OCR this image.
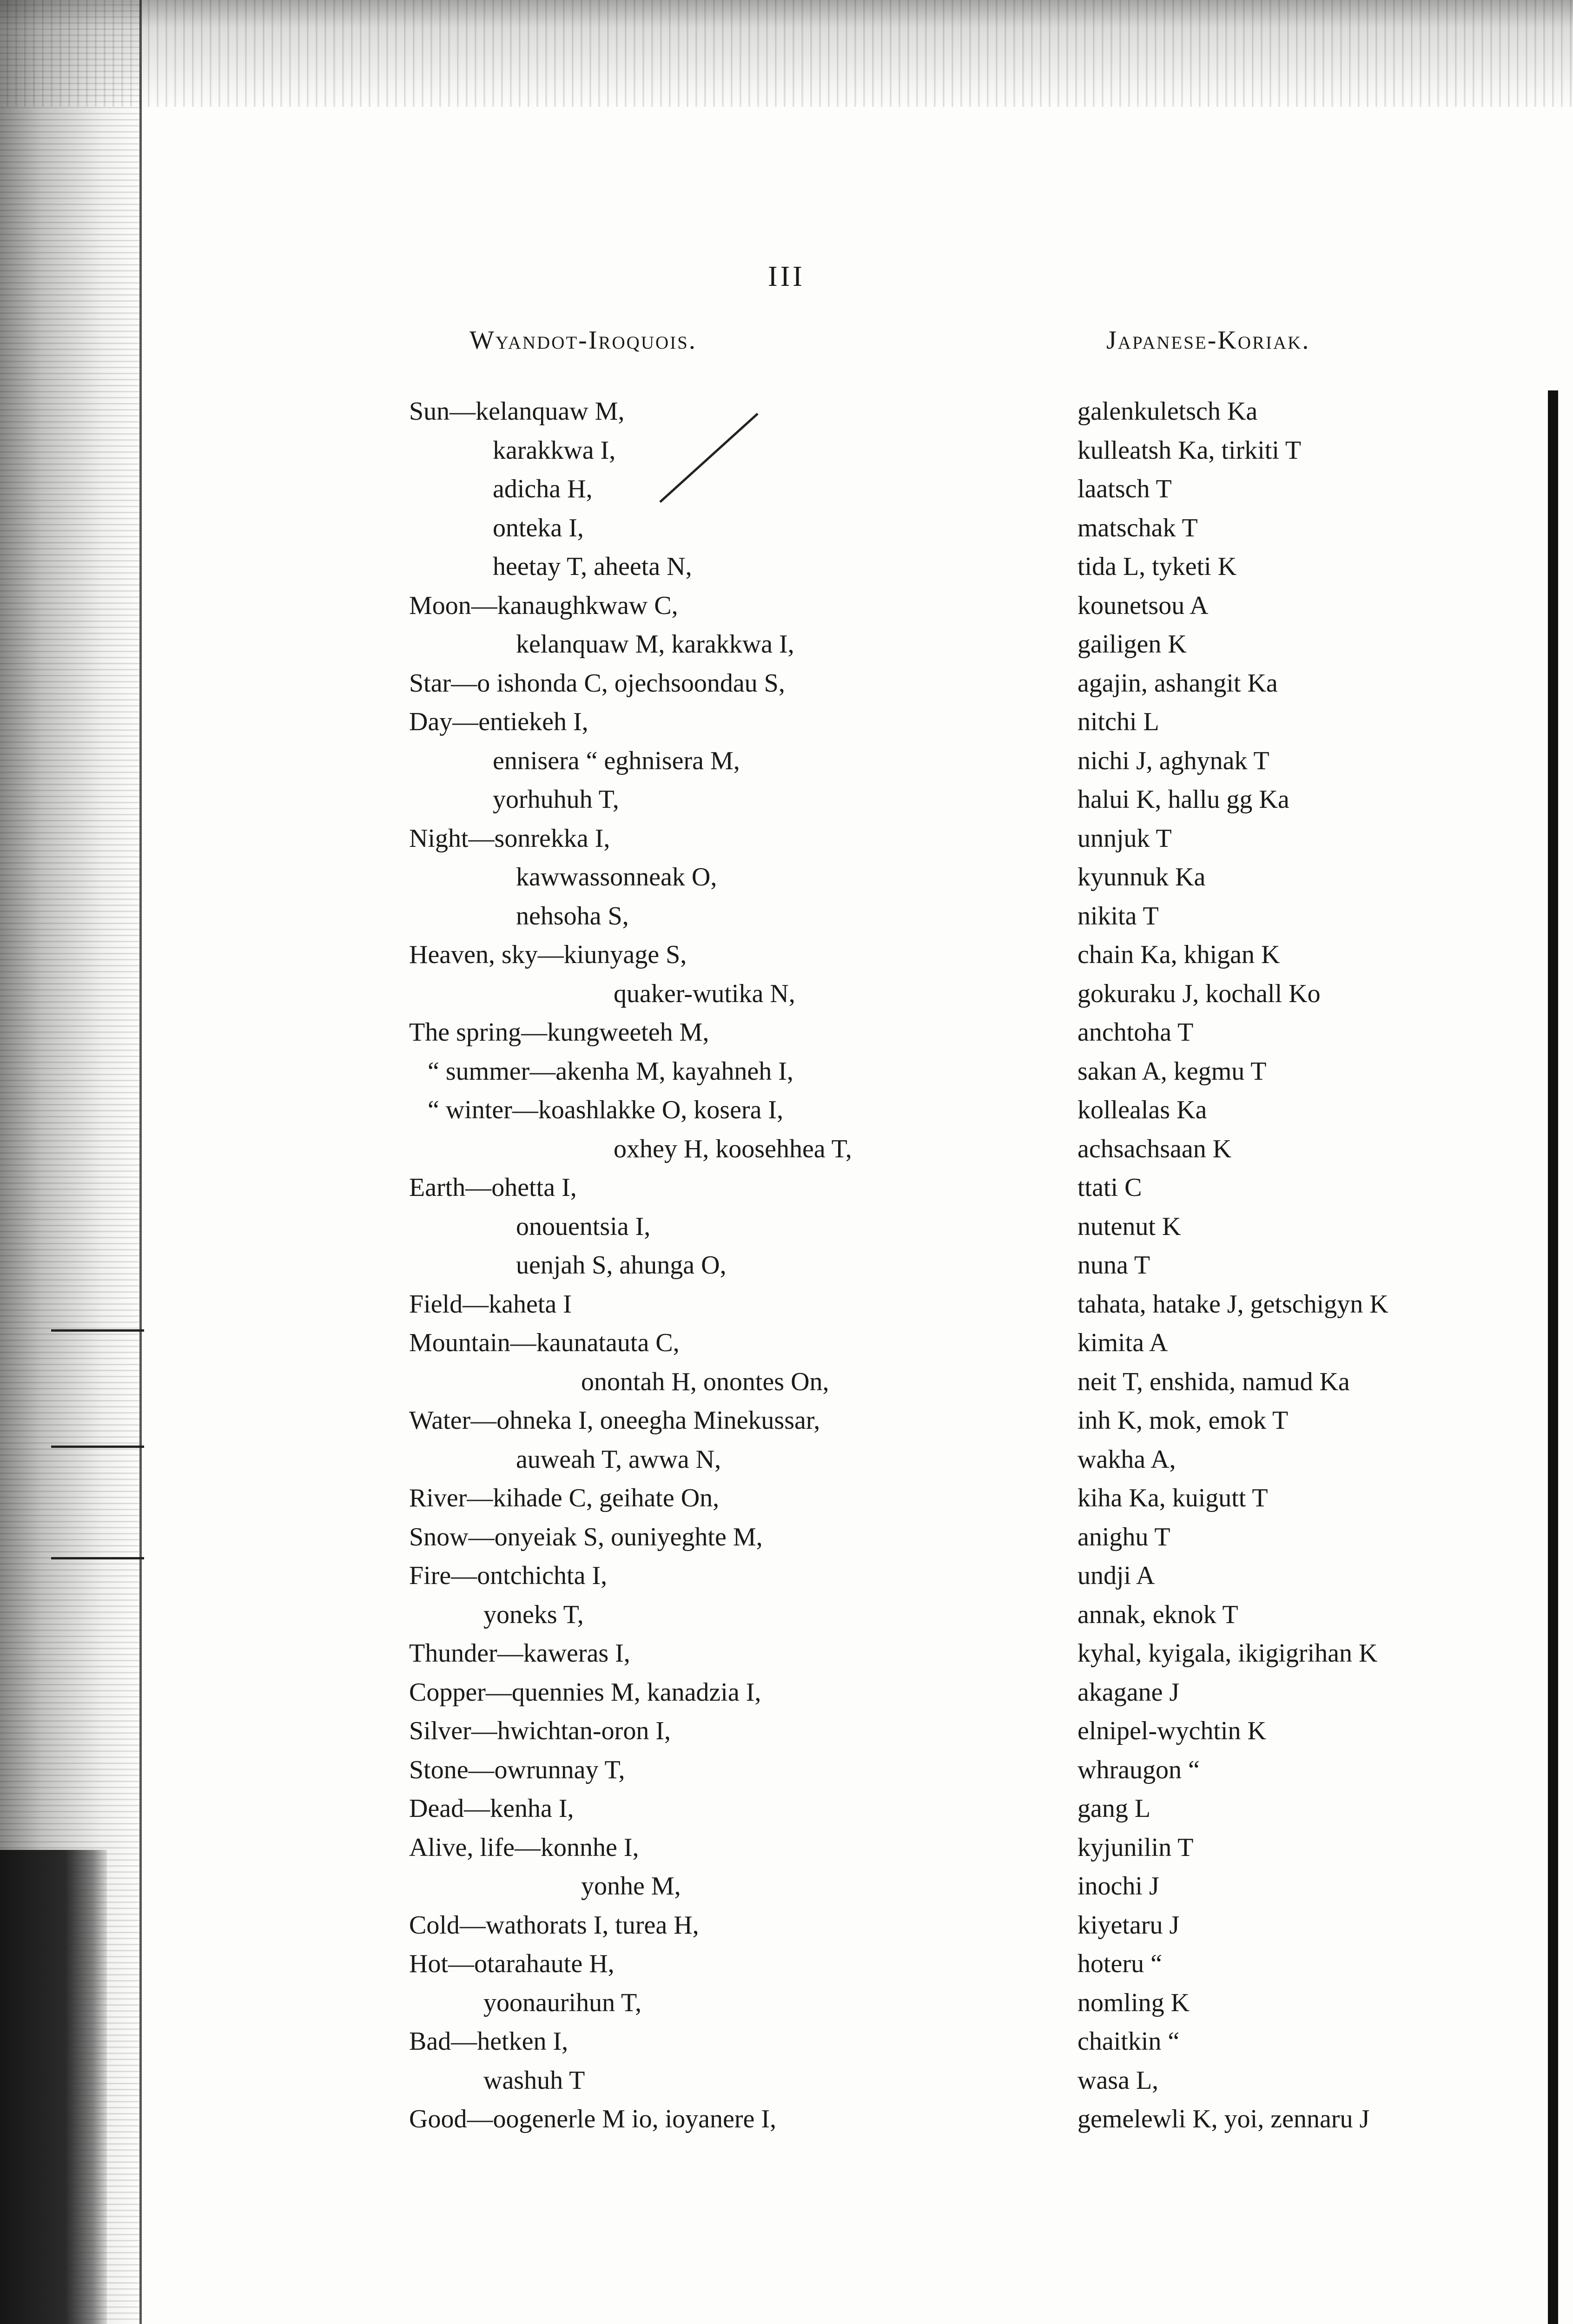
III
Wyandot-Iroquois.	Japanese-Koriak.
Sun—kelanquaw M,
karakkwa I,
adicha H,
onteka I,
heetay T, aheeta N,
Moon—kanaughkwaw C,
kelanquaw M, karakkwa I,
Star—o ishonda C, ojechsoondau S,
Day—entiekeh I,
ennisera “ eghnisera M,
yorhuhuh T,
Night—sonrekka I,
kawwassonneak O,
nehsoha S,
Heaven, sky—kiunyage S,
quaker-wutika N,
The spring—kungweeteh M,
“ summer—akenha M, kayahneh I,
“ winter—koashlakke O, kosera I,
oxhey H, koosehhea T,
Earth—ohetta I,
onouentsia I,
uenjah S, ahunga O,
Field—kaheta I
Mountain—kaunatauta C,
onontah H, onontes On,
Water—ohneka I, oneegha Minekussar,
auweah T, awwa N,
River—kihade C, geihate On,
Snow—onyeiak S, ouniyeghte M,
Fire—ontchichta I,
yoneks T,
Thunder—kaweras I,
Copper—quennies M, kanadzia I,
Silver—hwichtan-oron I,
Stone—owrunnay T,
Dead—kenha I,
Alive, life—konnhe I,
yonhe M,
Cold—wathorats I, turea H,
Hot—otarahaute H,
yoonaurihun T,
Bad—hetken I,
washuh T
Good—oogenerle M io, ioyanere I,
galenkuletsch Ka
kulleatsh Ka, tirkiti T
laatsch T
matschak T
tida L, tyketi K
kounetsou A
gailigen K
agajin, ashangit Ka
nitchi L
nichi J, aghynak T
halui K, hallu gg Ka
unnjuk T
kyunnuk Ka
nikita T
chain Ka, khigan K
gokuraku J, kochall Ko
anchtoha T
sakan A, kegmu T
kollealas Ka
achsachsaan K
ttati C
nutenut K
nuna T
tahata, hatake J, getschigyn K
kimita A
neit T, enshida, namud Ka
inh K, mok, emok T
wakha A,
kiha Ka, kuigutt T
anighu T
undji A
annak, eknok T
kyhal, kyigala, ikigigrihan K
akagane J
elnipel-wychtin K
whraugon “
gang L
kyjunilin T
inochi J
kiyetaru J
hoteru “
nomling K
chaitkin “
wasa L,
gemelewli K, yoi, zennaru J
